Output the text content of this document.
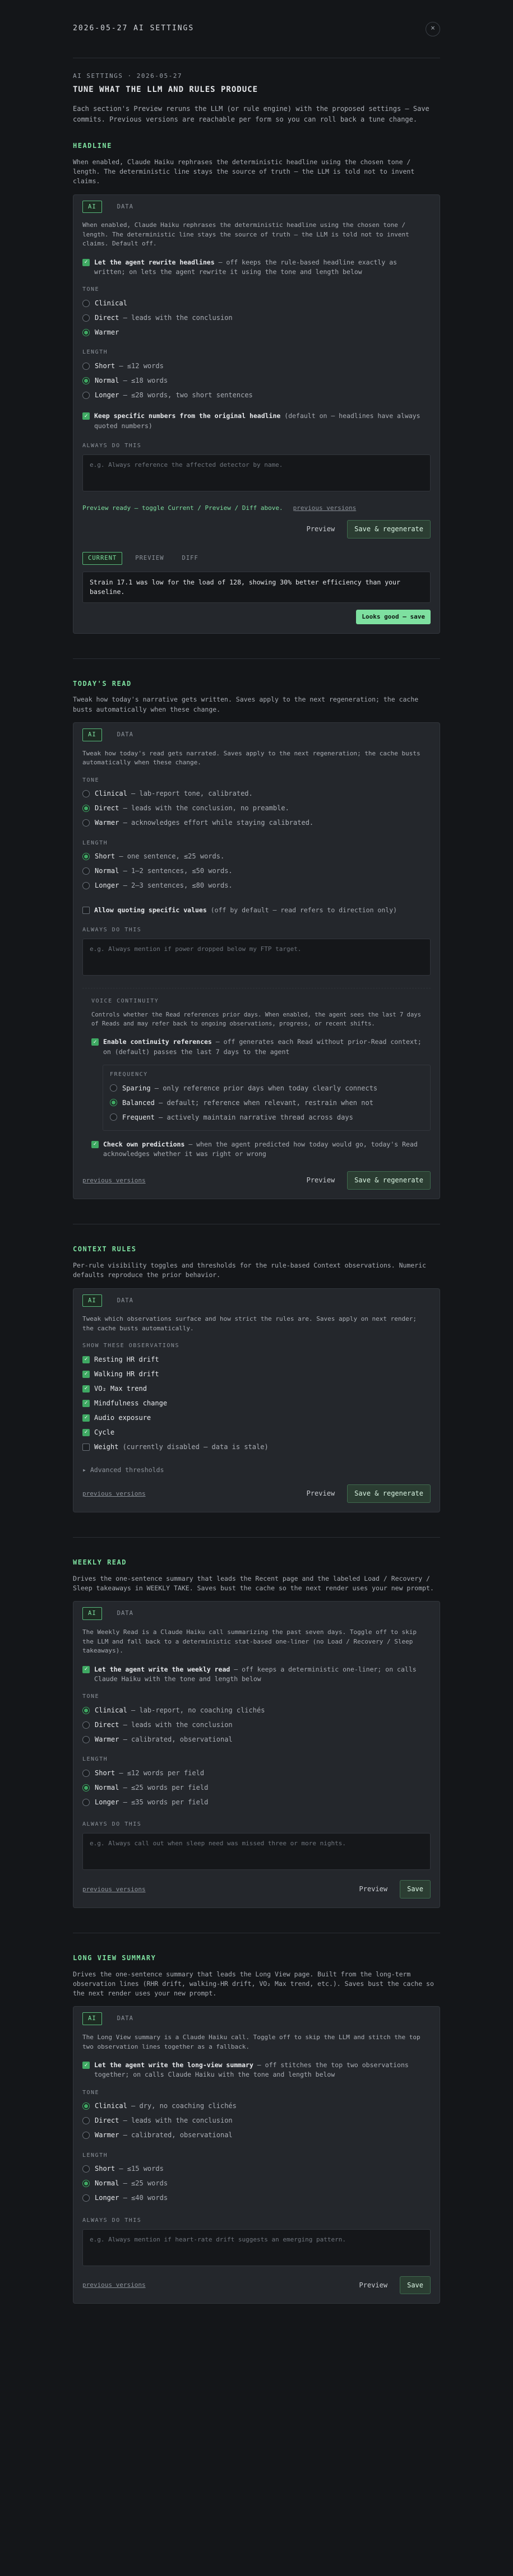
2026-05-27 AI SETTINGS	×
AI SETTINGS · 2026-05-27
TUNE WHAT THE LLM AND RULES PRODUCE
Each section's Preview reruns the LLM (or rule engine) with the proposed settings — Save commits. Previous versions are reachable per form so you can roll back a tune change.
HEADLINE
When enabled, Claude Haiku rephrases the deterministic headline using the chosen tone / length. The deterministic line stays the source of truth — the LLM is told not to invent claims.
AI	DATA
When enabled, Claude Haiku rephrases the deterministic headline using the chosen tone / length. The deterministic line stays the source of truth — the LLM is told not to invent claims. Default off.
✓ Let the agent rewrite headlines — off keeps the rule-based headline exactly as written; on lets the agent rewrite it using the tone and length below
TONE
Clinical
Direct — leads with the conclusion
Warmer
LENGTH
Short — ≤12 words
Normal — ≤18 words
Longer — ≤28 words, two short sentences
✓ Keep specific numbers from the original headline (default on — headlines have always quoted numbers)
ALWAYS DO THIS
e.g. Always reference the affected detector by name.
Preview ready — toggle Current / Preview / Diff above. previous versions
Preview	Save & regenerate
CURRENT	PREVIEW	DIFF
Strain 17.1 was low for the load of 128, showing 30% better efficiency than your baseline.
Looks good — save
TODAY'S READ
Tweak how today's narrative gets written. Saves apply to the next regeneration; the cache busts automatically when these change.
AI	DATA
Tweak how today's read gets narrated. Saves apply to the next regeneration; the cache busts automatically when these change.
TONE
Clinical — lab-report tone, calibrated.
Direct — leads with the conclusion, no preamble.
Warmer — acknowledges effort while staying calibrated.
LENGTH
Short — one sentence, ≤25 words.
Normal — 1–2 sentences, ≤50 words.
Longer — 2–3 sentences, ≤80 words.
Allow quoting specific values (off by default — read refers to direction only)
ALWAYS DO THIS
e.g. Always mention if power dropped below my FTP target.
VOICE CONTINUITY
Controls whether the Read references prior days. When enabled, the agent sees the last 7 days of Reads and may refer back to ongoing observations, progress, or recent shifts.
✓ Enable continuity references — off generates each Read without prior-Read context; on (default) passes the last 7 days to the agent
FREQUENCY
Sparing — only reference prior days when today clearly connects
Balanced — default; reference when relevant, restrain when not
Frequent — actively maintain narrative thread across days
✓ Check own predictions — when the agent predicted how today would go, today's Read acknowledges whether it was right or wrong
previous versions	Preview	Save & regenerate
CONTEXT RULES
Per-rule visibility toggles and thresholds for the rule-based Context observations. Numeric defaults reproduce the prior behavior.
AI	DATA
Tweak which observations surface and how strict the rules are. Saves apply on next render; the cache busts automatically.
SHOW THESE OBSERVATIONS
✓ Resting HR drift
✓ Walking HR drift
✓ VO₂ Max trend
✓ Mindfulness change
✓ Audio exposure
✓ Cycle
Weight (currently disabled — data is stale)
▸ Advanced thresholds
previous versions	Preview	Save & regenerate
WEEKLY READ
Drives the one-sentence summary that leads the Recent page and the labeled Load / Recovery / Sleep takeaways in WEEKLY TAKE. Saves bust the cache so the next render uses your new prompt.
AI	DATA
The Weekly Read is a Claude Haiku call summarizing the past seven days. Toggle off to skip the LLM and fall back to a deterministic stat-based one-liner (no Load / Recovery / Sleep takeaways).
✓ Let the agent write the weekly read — off keeps a deterministic one-liner; on calls Claude Haiku with the tone and length below
TONE
Clinical — lab-report, no coaching clichés
Direct — leads with the conclusion
Warmer — calibrated, observational
LENGTH
Short — ≤12 words per field
Normal — ≤25 words per field
Longer — ≤35 words per field
ALWAYS DO THIS
e.g. Always call out when sleep need was missed three or more nights.
previous versions	Preview	Save
LONG VIEW SUMMARY
Drives the one-sentence summary that leads the Long View page. Built from the long-term observation lines (RHR drift, walking-HR drift, VO₂ Max trend, etc.). Saves bust the cache so the next render uses your new prompt.
AI	DATA
The Long View summary is a Claude Haiku call. Toggle off to skip the LLM and stitch the top two observation lines together as a fallback.
✓ Let the agent write the long-view summary — off stitches the top two observations together; on calls Claude Haiku with the tone and length below
TONE
Clinical — dry, no coaching clichés
Direct — leads with the conclusion
Warmer — calibrated, observational
LENGTH
Short — ≤15 words
Normal — ≤25 words
Longer — ≤40 words
ALWAYS DO THIS
e.g. Always mention if heart-rate drift suggests an emerging pattern.
previous versions	Preview	Save
